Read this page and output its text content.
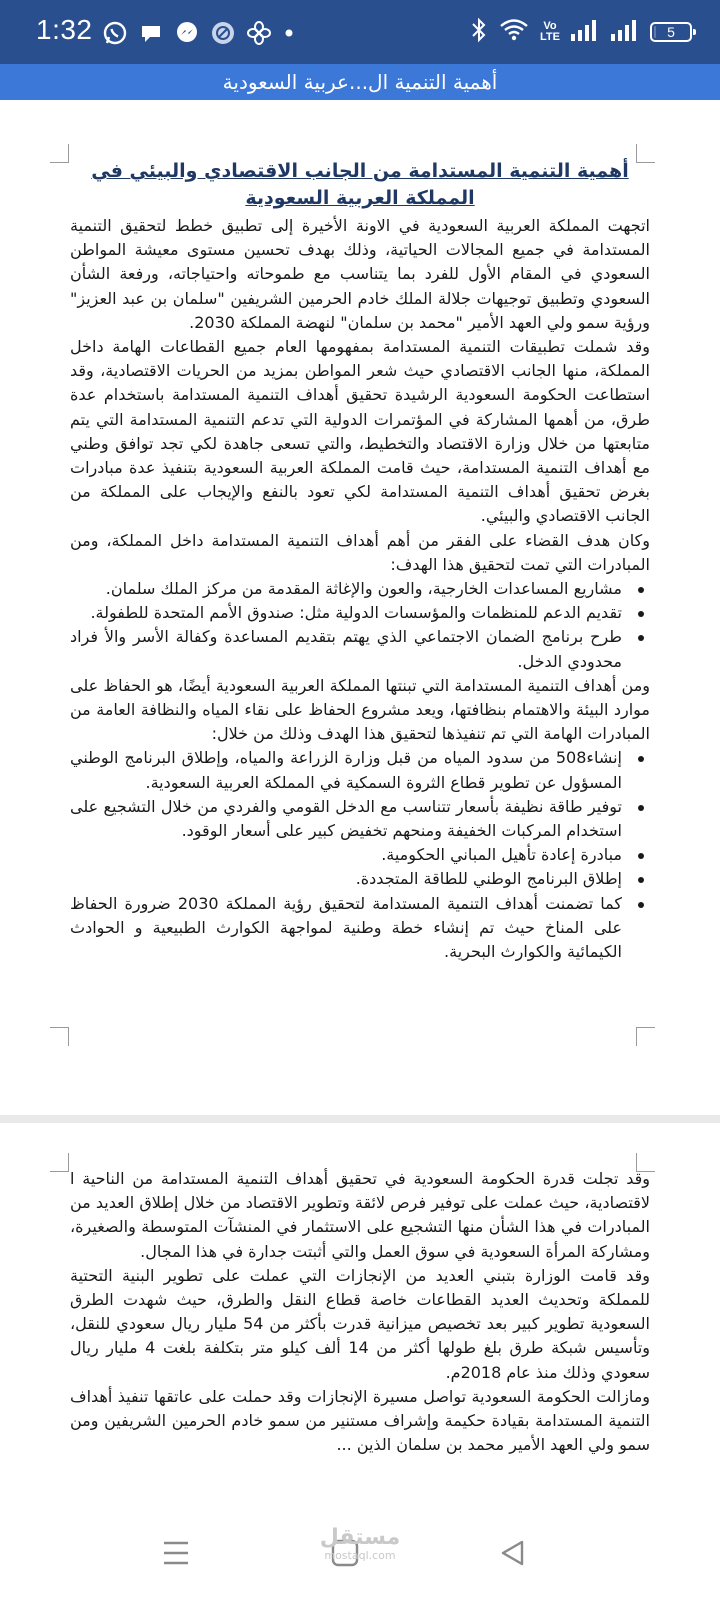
1:32	Vo
LTE	5
أهمية التنمية ال...عربية السعودية
أهمية التنمية المستدامة من الجانب الاقتصادي والبيئي في المملكة العربية السعودية

اتجهت المملكة العربية السعودية في الاونة الأخيرة إلى تطبيق خطط لتحقيق التنمية المستدامة في جميع المجالات الحياتية، وذلك بهدف تحسين مستوى معيشة المواطن السعودي في المقام الأول للفرد بما يتناسب مع طموحاته واحتياجاته، ورفعة الشأن السعودي وتطبيق توجيهات جلالة الملك خادم الحرمين الشريفين "سلمان بن عبد العزيز" ورؤية سمو ولي العهد الأمير "محمد بن سلمان" لنهضة المملكة 2030.

وقد شملت تطبيقات التنمية المستدامة بمفهومها العام جميع القطاعات الهامة داخل المملكة، منها الجانب الاقتصادي حيث شعر المواطن بمزيد من الحريات الاقتصادية، وقد استطاعت الحكومة السعودية الرشيدة تحقيق أهداف التنمية المستدامة باستخدام عدة طرق، من أهمها المشاركة في المؤتمرات الدولية التي تدعم التنمية المستدامة التي يتم متابعتها من خلال وزارة الاقتصاد والتخطيط، والتي تسعى جاهدة لكي تجد توافق وطني مع أهداف التنمية المستدامة، حيث قامت المملكة العربية السعودية بتنفيذ عدة مبادرات بغرض تحقيق أهداف التنمية المستدامة لكي تعود بالنفع والإيجاب على المملكة من الجانب الاقتصادي والبيئي.

وكان هدف القضاء على الفقر من أهم أهداف التنمية المستدامة داخل المملكة، ومن المبادرات التي تمت لتحقيق هذا الهدف:

مشاريع المساعدات الخارجية، والعون والإغاثة المقدمة من مركز الملك سلمان.
تقديم الدعم للمنظمات والمؤسسات الدولية مثل: صندوق الأمم المتحدة للطفولة.
طرح برنامج الضمان الاجتماعي الذي يهتم بتقديم المساعدة وكفالة الأسر والأ فراد محدودي الدخل.

ومن أهداف التنمية المستدامة التي تبنتها المملكة العربية السعودية أيضًا، هو الحفاظ على موارد البيئة والاهتمام بنظافتها، ويعد مشروع الحفاظ على نقاء المياه والنظافة العامة من المبادرات الهامة التي تم تنفيذها لتحقيق هذا الهدف وذلك من خلال:

إنشاء508 من سدود المياه من قبل وزارة الزراعة والمياه، وإطلاق البرنامج الوطني المسؤول عن تطوير قطاع الثروة السمكية في المملكة العربية السعودية.
توفير طاقة نظيفة بأسعار تتناسب مع الدخل القومي والفردي من خلال التشجيع على استخدام المركبات الخفيفة ومنحهم تخفيض كبير على أسعار الوقود.
مبادرة إعادة تأهيل المباني الحكومية.
إطلاق البرنامج الوطني للطاقة المتجددة.
كما تضمنت أهداف التنمية المستدامة لتحقيق رؤية المملكة 2030 ضرورة الحفاظ على المناخ حيث تم إنشاء خطة وطنية لمواجهة الكوارث الطبيعية و الحوادث الكيمائية والكوارث البحرية.

وقد تجلت قدرة الحكومة السعودية في تحقيق أهداف التنمية المستدامة من الناحية ا لاقتصادية، حيث عملت على توفير فرص لائقة وتطوير الاقتصاد من خلال إطلاق العديد من المبادرات في هذا الشأن منها التشجيع على الاستثمار في المنشآت المتوسطة والصغيرة، ومشاركة المرأة السعودية في سوق العمل والتي أثبتت جدارة في هذا المجال.

وقد قامت الوزارة بتبني العديد من الإنجازات التي عملت على تطوير البنية التحتية للمملكة وتحديث العديد القطاعات خاصة قطاع النقل والطرق، حيث شهدت الطرق السعودية تطوير كبير بعد تخصيص ميزانية قدرت بأكثر من 54 مليار ريال سعودي للنقل، وتأسيس شبكة طرق بلغ طولها أكثر من 14 ألف كيلو متر بتكلفة بلغت 4 مليار ريال سعودي وذلك منذ عام 2018م.

ومازالت الحكومة السعودية تواصل مسيرة الإنجازات وقد حملت على عاتقها تنفيذ أهداف التنمية المستدامة بقيادة حكيمة وإشراف مستنير من سمو خادم الحرمين الشريفين ومن سمو ولي العهد الأمير محمد بن سلمان الذين ...

مستقل
mostaql.com
